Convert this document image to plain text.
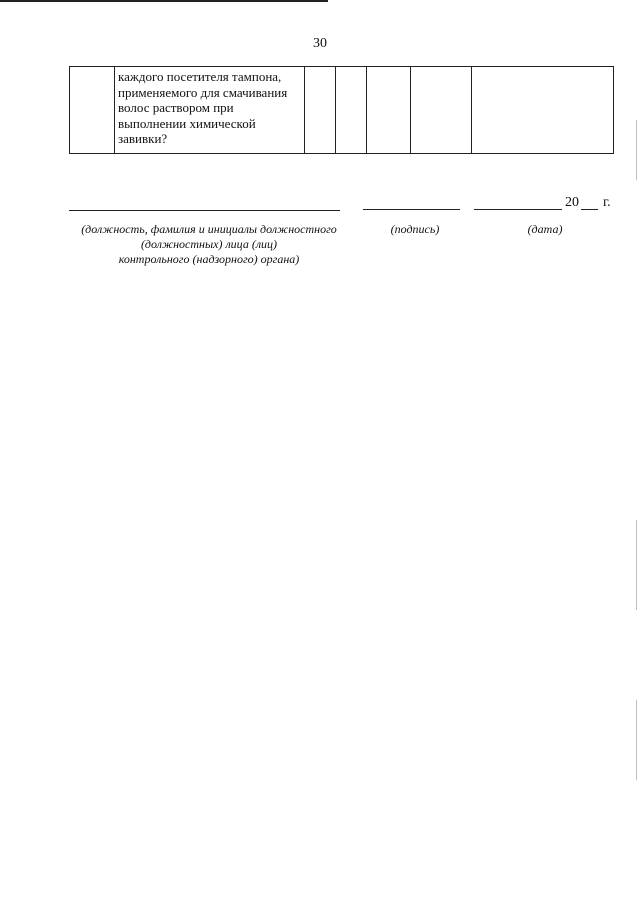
30

каждого посетителя тампона,
применяемого для смачивания
волос раствором при
выполнении химической
завивки?

20 г.
(должность, фамилия и инициалы должностного
(должностных) лица (лиц)
контрольного (надзорного) органа)
(подпись)	(дата)
